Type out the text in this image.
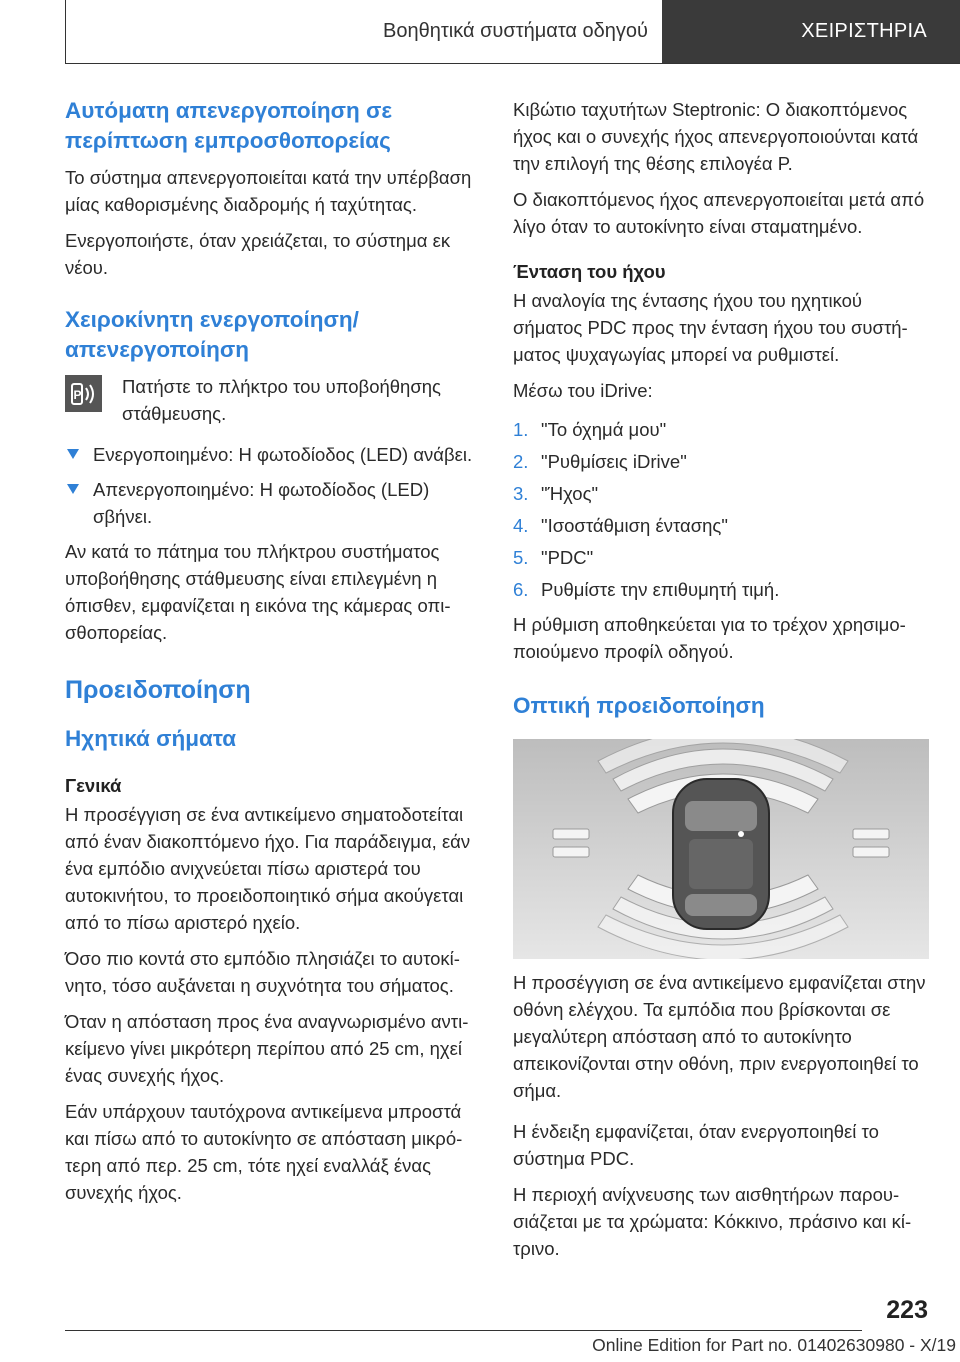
Βοηθητικά συστήματα οδηγού	ΧΕΙΡΙΣΤΗΡΙΑ
Αυτόματη απενεργοποίηση σε περίπτωση εμπροσθοπορείας

Το σύστημα απενεργοποιείται κατά την υπέρβαση μίας καθορισμένης διαδρομής ή ταχύτητας.

Ενεργοποιήστε, όταν χρειάζεται, το σύστημα εκ νέου.

Χειροκίνητη ενεργοποίηση/ απενεργοποίηση
P Πατήστε το πλήκτρο του υποβοήθησης στάθμευσης.
Ενεργοποιημένο: Η φωτοδίοδος (LED) ανάβει.
Απενεργοποιημένο: Η φωτοδίοδος (LED) σβήνει.

Αν κατά το πάτημα του πλήκτρου συστήματος υποβοήθησης στάθμευσης είναι επιλεγμένη η όπισθεν, εμφανίζεται η εικόνα της κάμερας οπισθοπορείας.

Προειδοποίηση
Ηχητικά σήματα
Γενικά

Η προσέγγιση σε ένα αντικείμενο σηματοδοτείται από έναν διακοπτόμενο ήχο. Για παράδειγμα, εάν ένα εμπόδιο ανιχνεύεται πίσω αριστερά του αυτοκινήτου, το προειδοποιητικό σήμα ακούγεται από το πίσω αριστερό ηχείο.

Όσο πιο κοντά στο εμπόδιο πλησιάζει το αυτοκίνητο, τόσο αυξάνεται η συχνότητα του σήματος.

Όταν η απόσταση προς ένα αναγνωρισμένο αντικείμενο γίνει μικρότερη περίπου από 25 cm, ηχεί ένας συνεχής ήχος.

Εάν υπάρχουν ταυτόχρονα αντικείμενα μπροστά και πίσω από το αυτοκίνητο σε απόσταση μικρότερη από περ. 25 cm, τότε ηχεί εναλλάξ ένας συνεχής ήχος.

Κιβώτιο ταχυτήτων Steptronic: Ο διακοπτόμενος ήχος και ο συνεχής ήχος απενεργοποιούνται κατά την επιλογή της θέσης επιλογέα P.

Ο διακοπτόμενος ήχος απενεργοποιείται μετά από λίγο όταν το αυτοκίνητο είναι σταματημένο.

Ένταση του ήχου

Η αναλογία της έντασης ήχου του ηχητικού σήματος PDC προς την ένταση ήχου του συστήματος ψυχαγωγίας μπορεί να ρυθμιστεί.

Μέσω του iDrive:

1. "Το όχημά μου"
2. "Ρυθμίσεις iDrive"
3. "Ήχος"
4. "Ισοστάθμιση έντασης"
5. "PDC"
6. Ρυθμίστε την επιθυμητή τιμή.

Η ρύθμιση αποθηκεύεται για το τρέχον χρησιμοποιούμενο προφίλ οδηγού.

Οπτική προειδοποίηση

Η προσέγγιση σε ένα αντικείμενο εμφανίζεται στην οθόνη ελέγχου. Τα εμπόδια που βρίσκονται σε μεγαλύτερη απόσταση από το αυτοκίνητο απεικονίζονται στην οθόνη, πριν ενεργοποιηθεί το σήμα.

Η ένδειξη εμφανίζεται, όταν ενεργοποιηθεί το σύστημα PDC.

Η περιοχή ανίχνευσης των αισθητήρων παρουσιάζεται με τα χρώματα: Κόκκινο, πράσινο και κίτρινο.

223
Online Edition for Part no. 01402630980 - X/19
